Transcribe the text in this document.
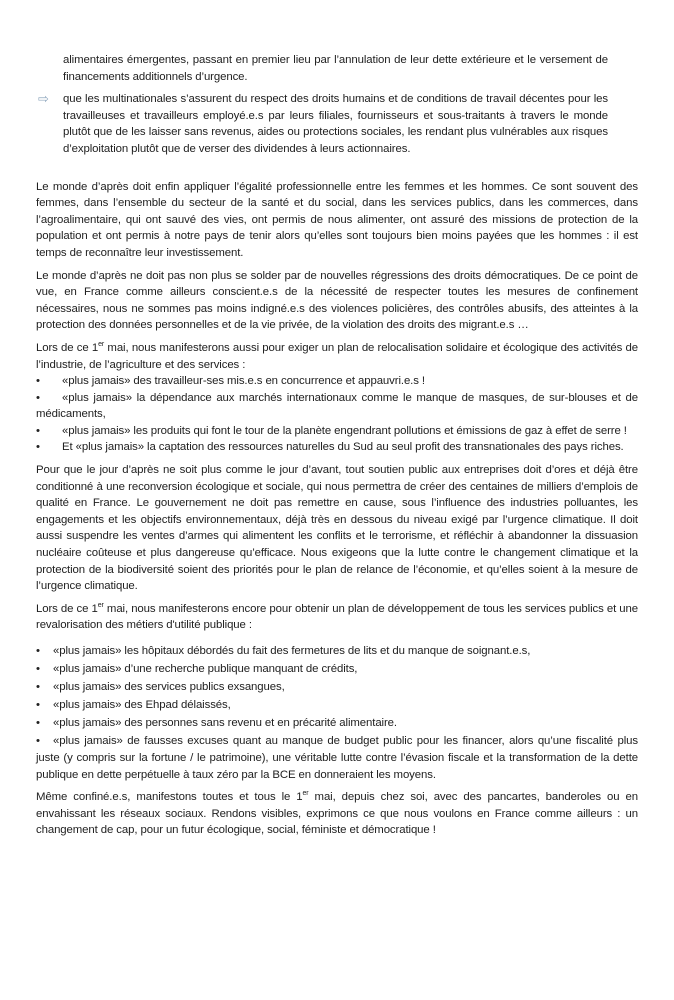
alimentaires émergentes, passant en premier lieu par l’annulation de leur dette extérieure et le versement de financements additionnels d’urgence.

⇨ que les multinationales s’assurent du respect des droits humains et de conditions de travail décentes pour les travailleuses et travailleurs employé.e.s par leurs filiales, fournisseurs et sous-traitants à travers le monde plutôt que de les laisser sans revenus, aides ou protections sociales, les rendant plus vulnérables aux risques d’exploitation plutôt que de verser des dividendes à leurs actionnaires.

Le monde d’après doit enfin appliquer l’égalité professionnelle entre les femmes et les hommes. Ce sont souvent des femmes, dans l’ensemble du secteur de la santé et du social, dans les services publics, dans les commerces, dans l’agroalimentaire, qui ont sauvé des vies, ont permis de nous alimenter, ont assuré des missions de protection de la population et ont permis à notre pays de tenir alors qu’elles sont toujours bien moins payées que les hommes : il est temps de reconnaître leur investissement.

Le monde d’après ne doit pas non plus se solder par de nouvelles régressions des droits démocratiques. De ce point de vue, en France comme ailleurs conscient.e.s de la nécessité de respecter toutes les mesures de confinement nécessaires, nous ne sommes pas moins indigné.e.s des violences policières, des contrôles abusifs, des atteintes à la protection des données personnelles et de la vie privée, de la violation des droits des migrant.e.s …

Lors de ce 1er mai, nous manifesterons aussi pour exiger un plan de relocalisation solidaire et écologique des activités de l’industrie, de l’agriculture et des services :

• «plus jamais» des travailleur-ses mis.e.s en concurrence et appauvri.e.s !
• «plus jamais» la dépendance aux marchés internationaux comme le manque de masques, de sur-blouses et de médicaments,
• «plus jamais» les produits qui font le tour de la planète engendrant pollutions et émissions de gaz à effet de serre !
• Et «plus jamais» la captation des ressources naturelles du Sud au seul profit des transnationales des pays riches.

Pour que le jour d’après ne soit plus comme le jour d’avant, tout soutien public aux entreprises doit d’ores et déjà être conditionné à une reconversion écologique et sociale, qui nous permettra de créer des centaines de milliers d’emplois de qualité en France. Le gouvernement ne doit pas remettre en cause, sous l’influence des industries polluantes, les engagements et les objectifs environnementaux, déjà très en dessous du niveau exigé par l’urgence climatique. Il doit aussi suspendre les ventes d’armes qui alimentent les conflits et le terrorisme, et réfléchir à abandonner la dissuasion nucléaire coûteuse et plus dangereuse qu’efficace. Nous exigeons que la lutte contre le changement climatique et la protection de la biodiversité soient des priorités pour le plan de relance de l’économie, et qu’elles soient à la mesure de l’urgence climatique.

Lors de ce 1er mai, nous manifesterons encore pour obtenir un plan de développement de tous les services publics et une revalorisation des métiers d'utilité publique :

• «plus jamais» les hôpitaux débordés du fait des fermetures de lits et du manque de soignant.e.s,
• «plus jamais» d’une recherche publique manquant de crédits,
• «plus jamais» des services publics exsangues,
• «plus jamais» des Ehpad délaissés,
• «plus jamais» des personnes sans revenu et en précarité alimentaire.
• «plus jamais» de fausses excuses quant au manque de budget public pour les financer, alors qu’une fiscalité plus juste (y compris sur la fortune / le patrimoine), une véritable lutte contre l’évasion fiscale et la transformation de la dette publique en dette perpétuelle à taux zéro par la BCE en donneraient les moyens.

Même confiné.e.s, manifestons toutes et tous le 1er mai, depuis chez soi, avec des pancartes, banderoles ou en envahissant les réseaux sociaux. Rendons visibles, exprimons ce que nous voulons en France comme ailleurs : un changement de cap, pour un futur écologique, social, féministe et démocratique !
